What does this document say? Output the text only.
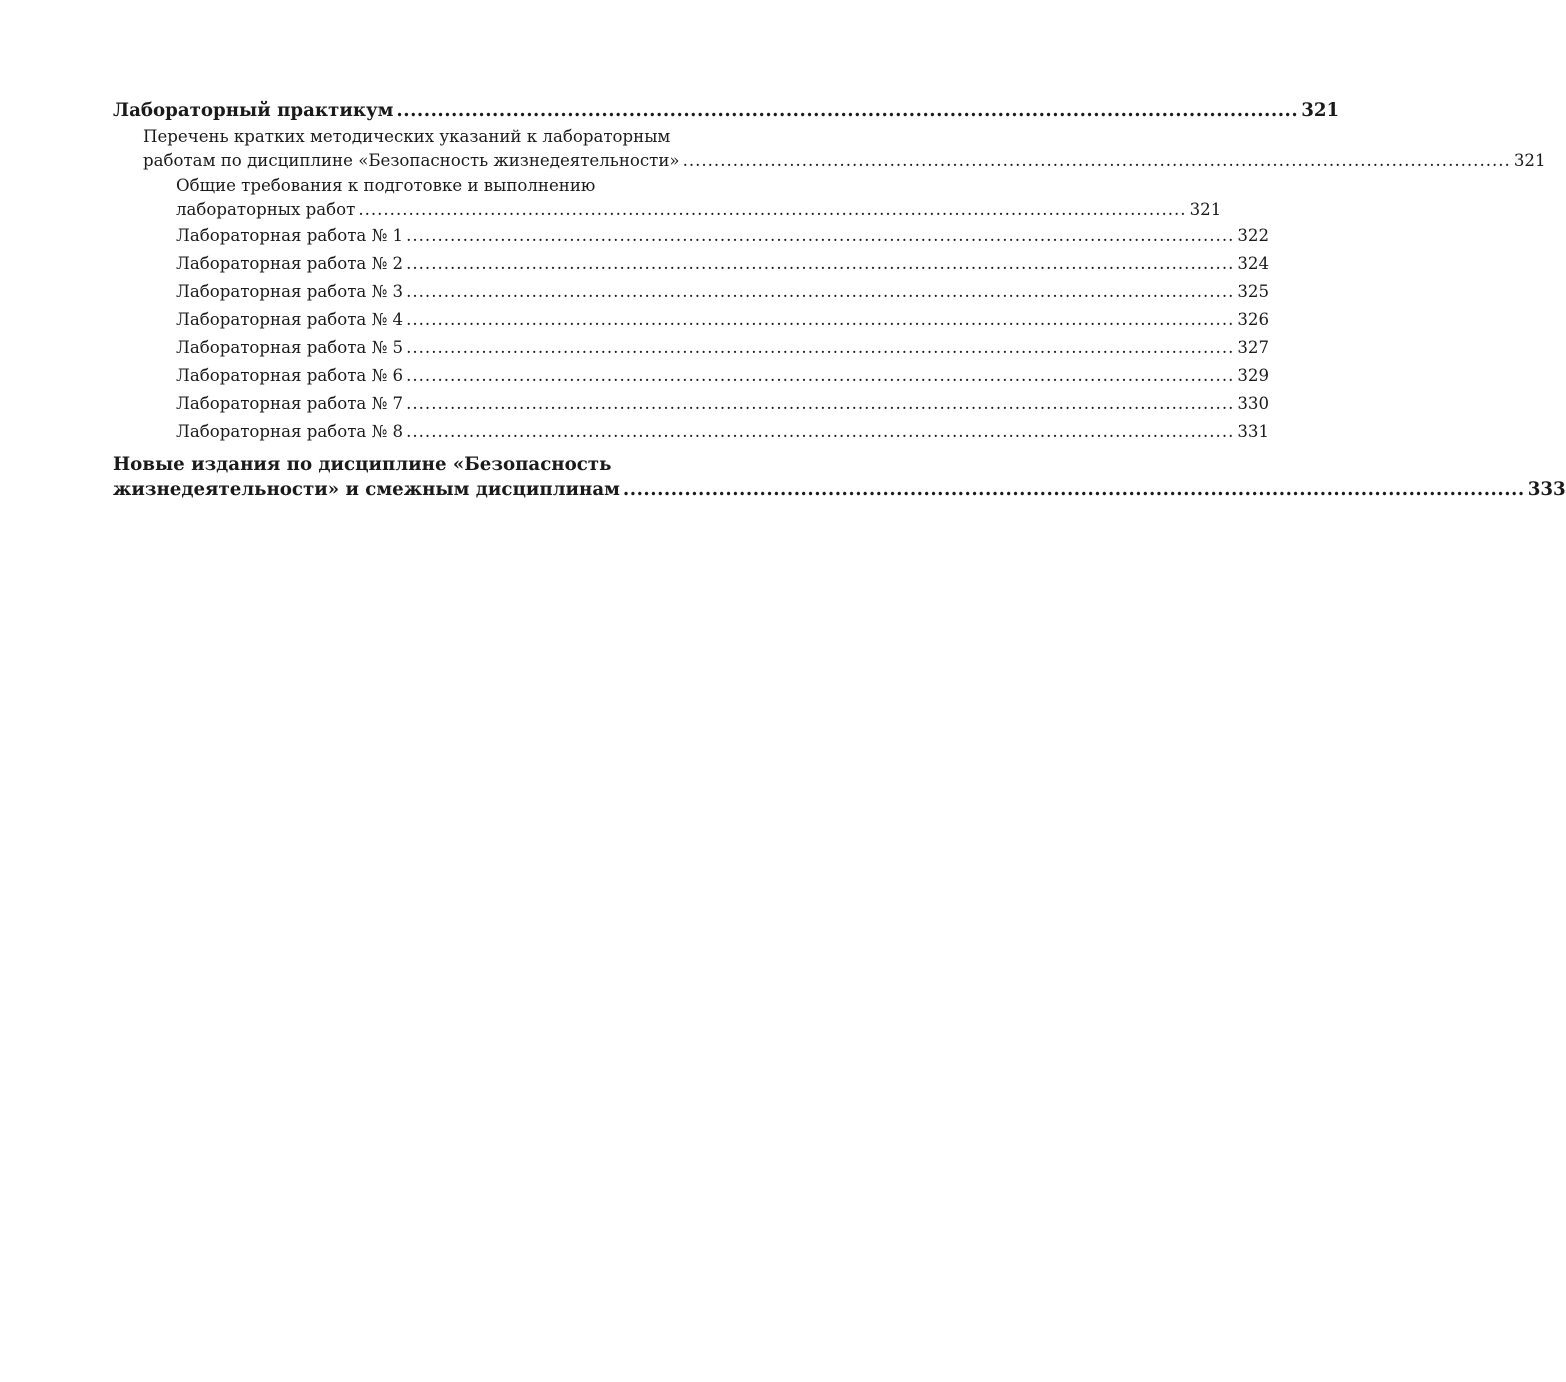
Лабораторный практикум .................................................................................................................................... 321
Перечень кратких методических указаний к лабораторным
работам по дисциплине «Безопасность жизнедеятельности» .................................................................................................................................... 321
Общие требования к подготовке и выполнению
лабораторных работ .................................................................................................................................... 321
Лабораторная работа № 1 .................................................................................................................................... 322
Лабораторная работа № 2 .................................................................................................................................... 324
Лабораторная работа № 3 .................................................................................................................................... 325
Лабораторная работа № 4 .................................................................................................................................... 326
Лабораторная работа № 5 .................................................................................................................................... 327
Лабораторная работа № 6 .................................................................................................................................... 329
Лабораторная работа № 7 .................................................................................................................................... 330
Лабораторная работа № 8 .................................................................................................................................... 331
Новые издания по дисциплине «Безопасность
жизнедеятельности» и смежным дисциплинам .................................................................................................................................... 333
